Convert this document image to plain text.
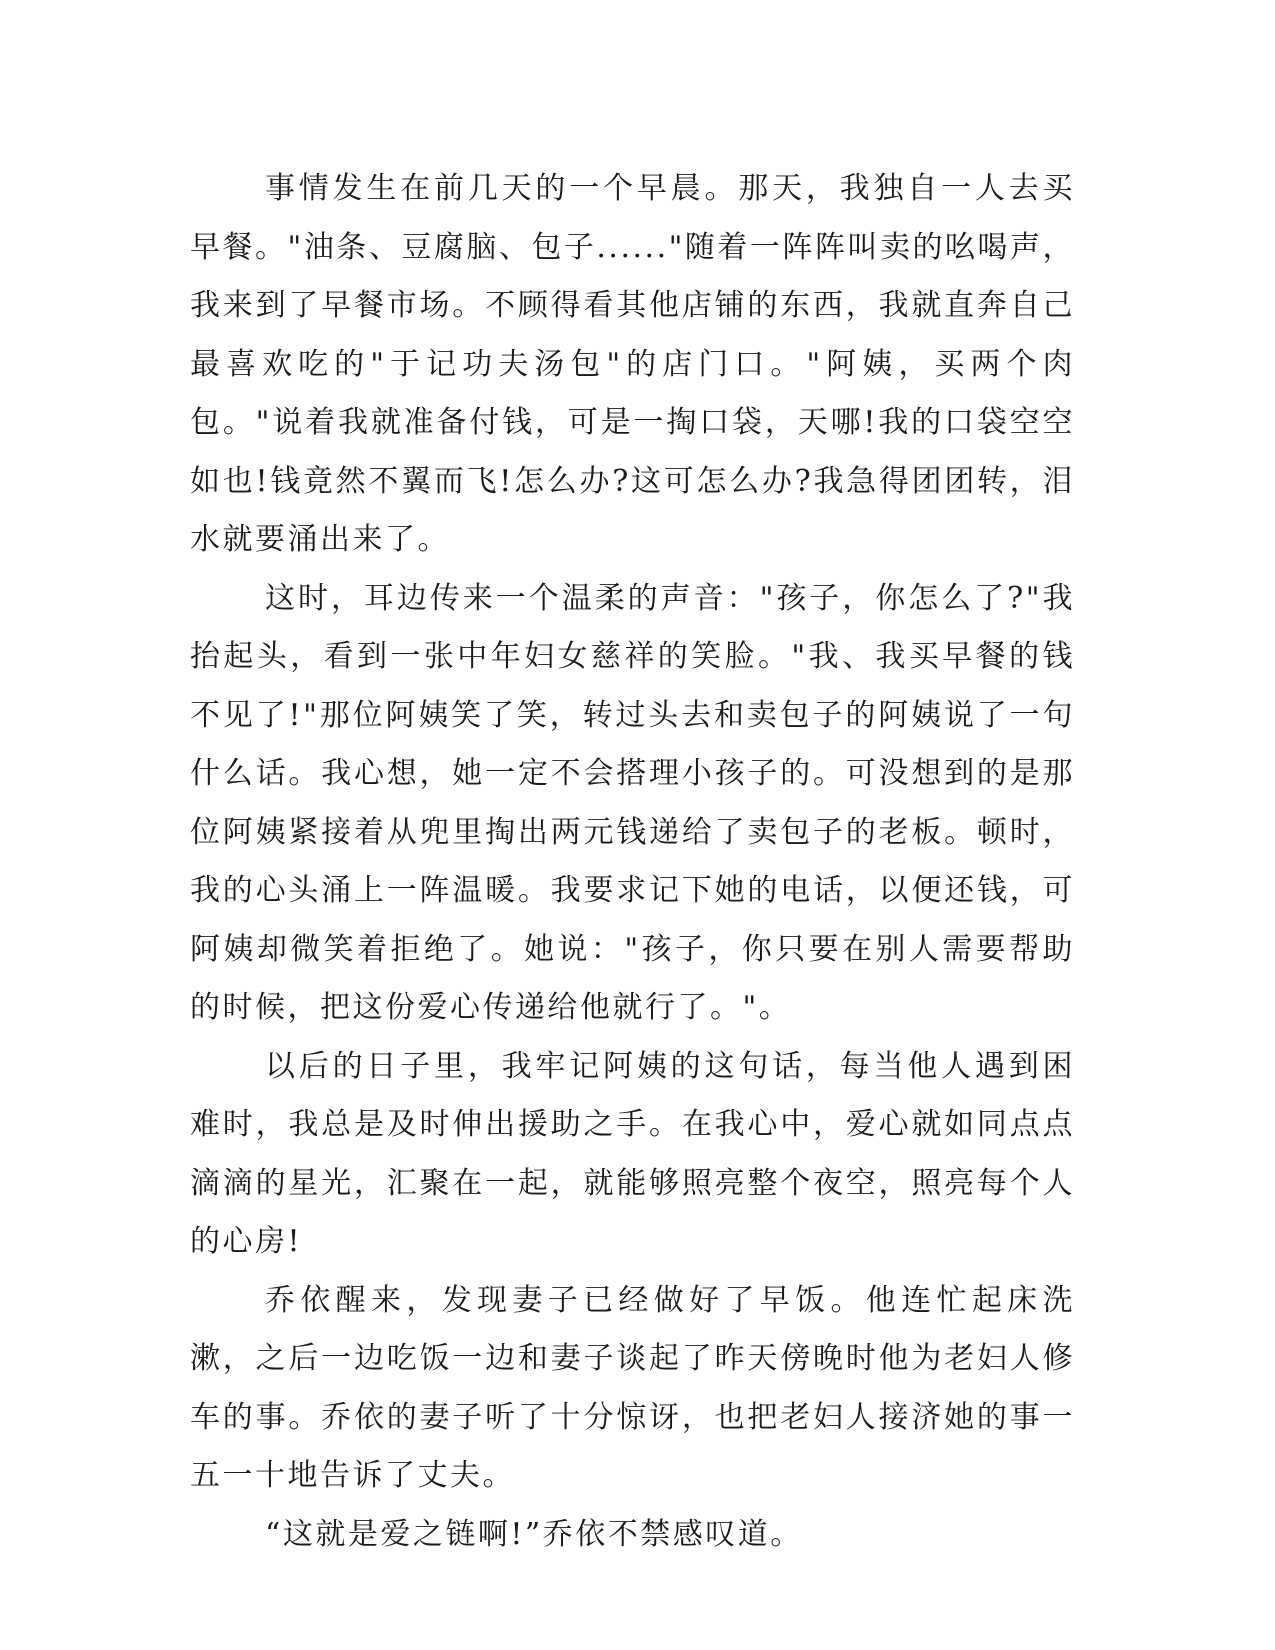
事情发生在前几天的一个早晨。那天，我独自一人去买早餐。"油条、豆腐脑、包子......"随着一阵阵叫卖的吆喝声，我来到了早餐市场。不顾得看其他店铺的东西，我就直奔自己最喜欢吃的"于记功夫汤包"的店门口。"阿姨，买两个肉包。"说着我就准备付钱，可是一掏口袋，天哪!我的口袋空空如也!钱竟然不翼而飞!怎么办?这可怎么办?我急得团团转，泪水就要涌出来了。

这时，耳边传来一个温柔的声音："孩子，你怎么了?"我抬起头，看到一张中年妇女慈祥的笑脸。"我、我买早餐的钱不见了!"那位阿姨笑了笑，转过头去和卖包子的阿姨说了一句什么话。我心想，她一定不会搭理小孩子的。可没想到的是那位阿姨紧接着从兜里掏出两元钱递给了卖包子的老板。顿时，我的心头涌上一阵温暖。我要求记下她的电话，以便还钱，可阿姨却微笑着拒绝了。她说："孩子，你只要在别人需要帮助的时候，把这份爱心传递给他就行了。"。

以后的日子里，我牢记阿姨的这句话，每当他人遇到困难时，我总是及时伸出援助之手。在我心中，爱心就如同点点滴滴的星光，汇聚在一起，就能够照亮整个夜空，照亮每个人的心房!

乔依醒来，发现妻子已经做好了早饭。他连忙起床洗漱，之后一边吃饭一边和妻子谈起了昨天傍晚时他为老妇人修车的事。乔依的妻子听了十分惊讶，也把老妇人接济她的事一五一十地告诉了丈夫。

“这就是爱之链啊!”乔依不禁感叹道。
